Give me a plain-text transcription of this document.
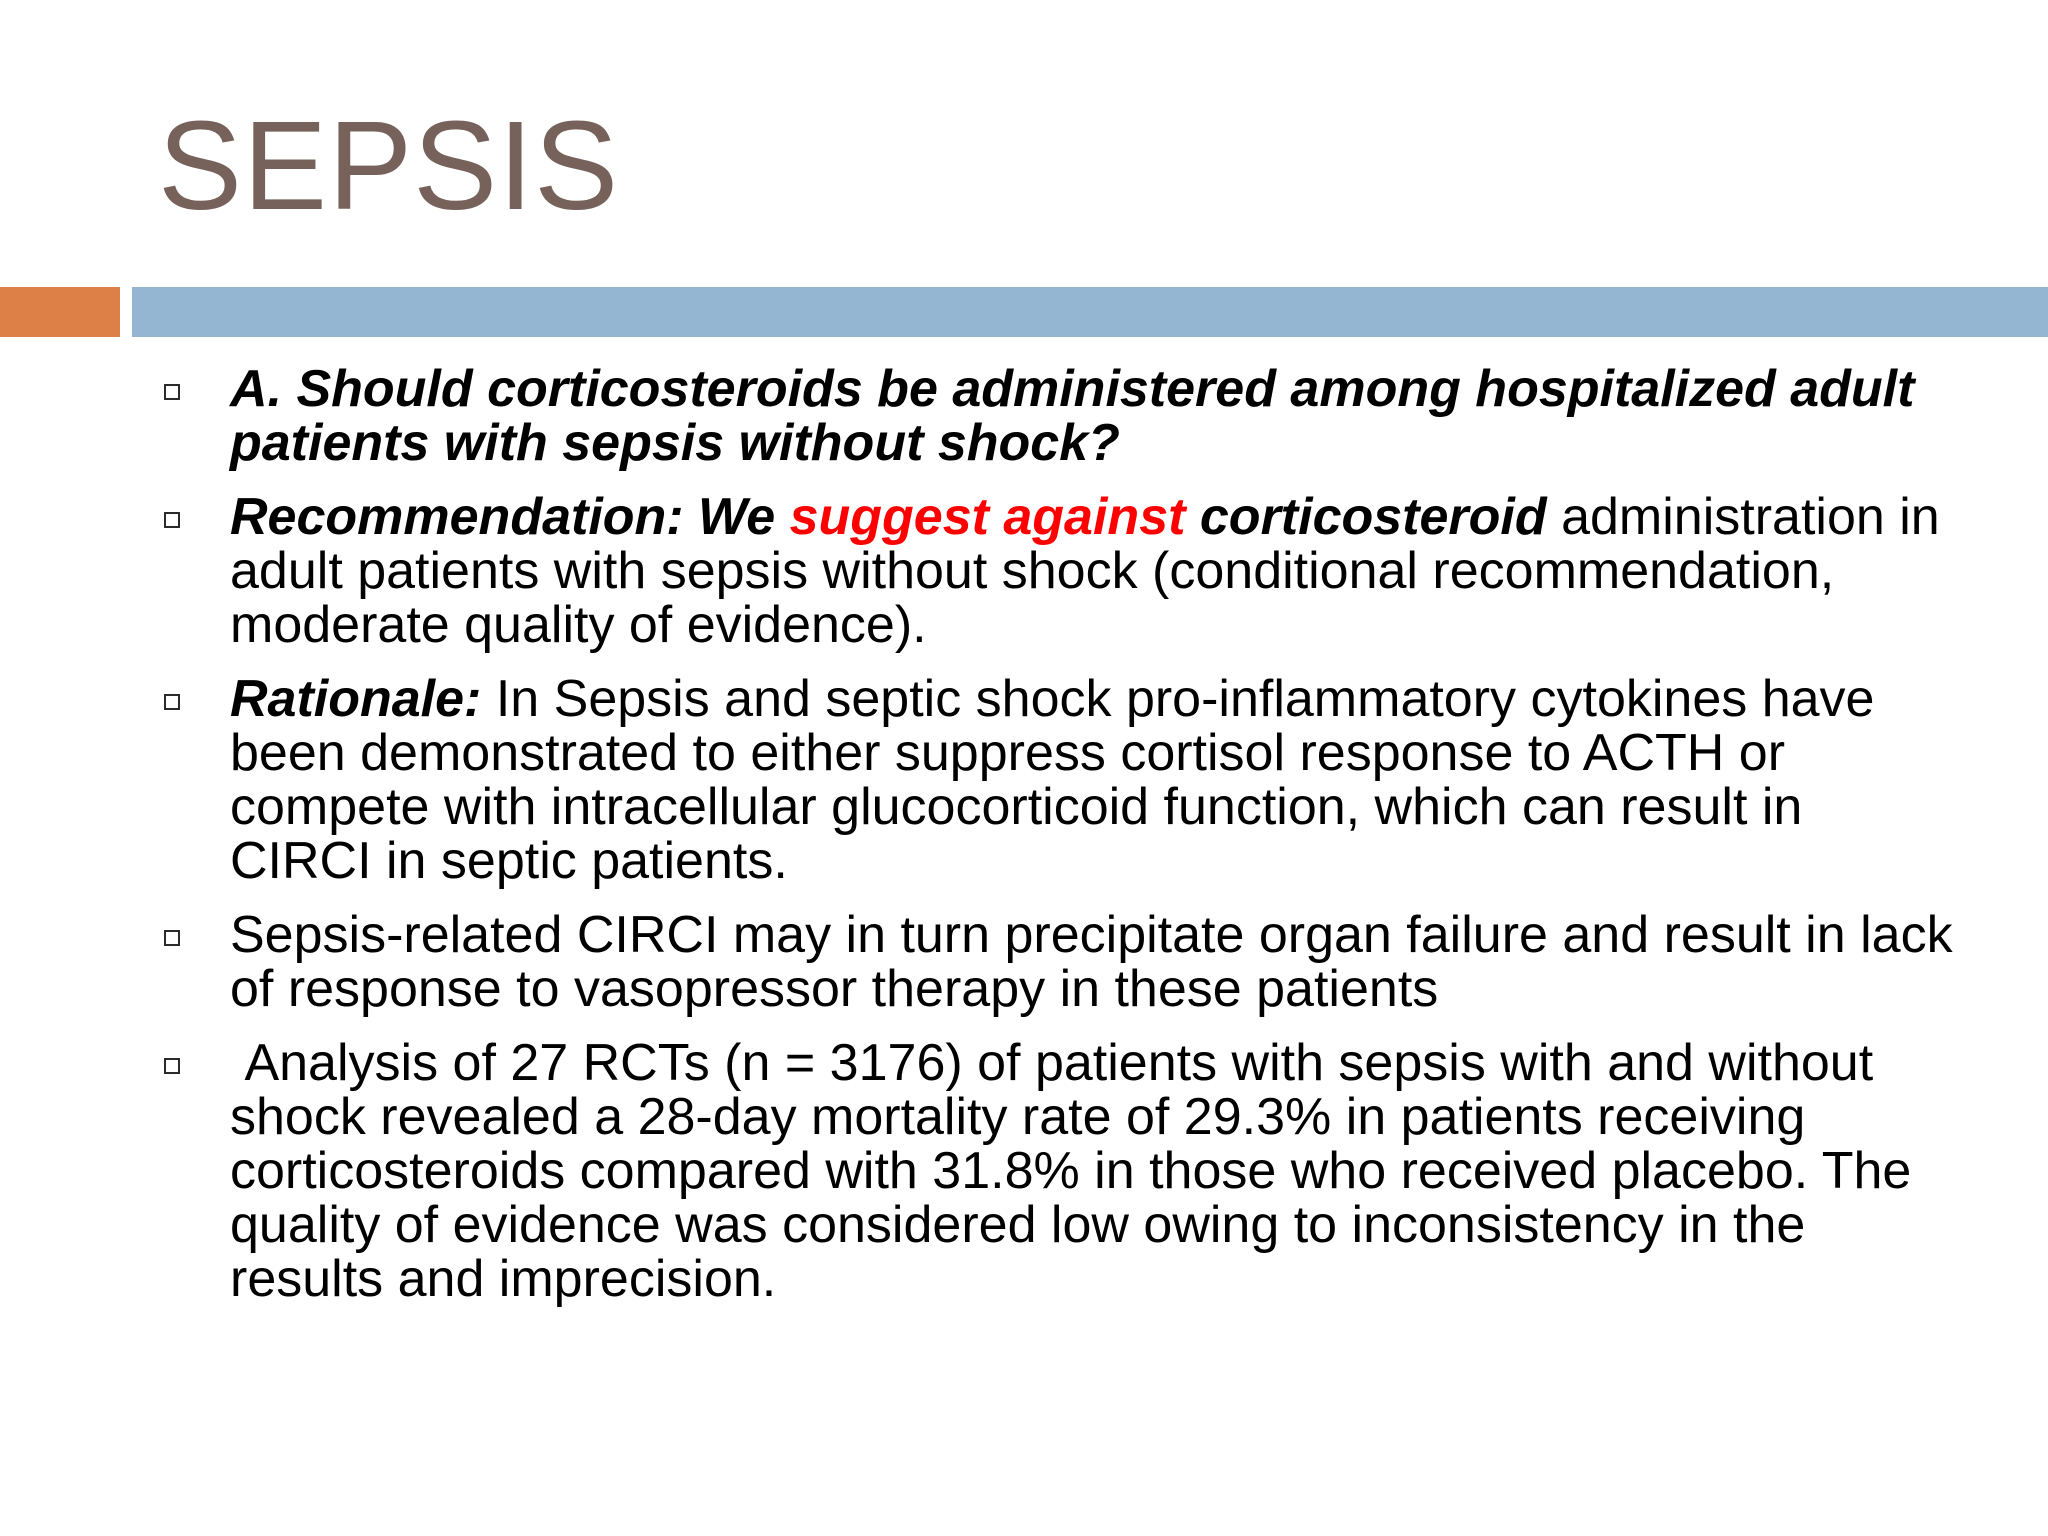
SEPSIS
A. Should corticosteroids be administered among hospitalized adult patients with sepsis without shock?
Recommendation: We suggest against corticosteroid administration in adult patients with sepsis without shock (conditional recommendation, moderate quality of evidence).
Rationale: In Sepsis and septic shock pro-inflammatory cytokines have been demonstrated to either suppress cortisol response to ACTH or compete with intracellular glucocorticoid function, which can result in CIRCI in septic patients.
Sepsis-related CIRCI may in turn precipitate organ failure and result in lack of response to vasopressor therapy in these patients
Analysis of 27 RCTs (n = 3176) of patients with sepsis with and without shock revealed a 28-day mortality rate of 29.3% in patients receiving corticosteroids compared with 31.8% in those who received placebo. The quality of evidence was considered low owing to inconsistency in the results and imprecision.
